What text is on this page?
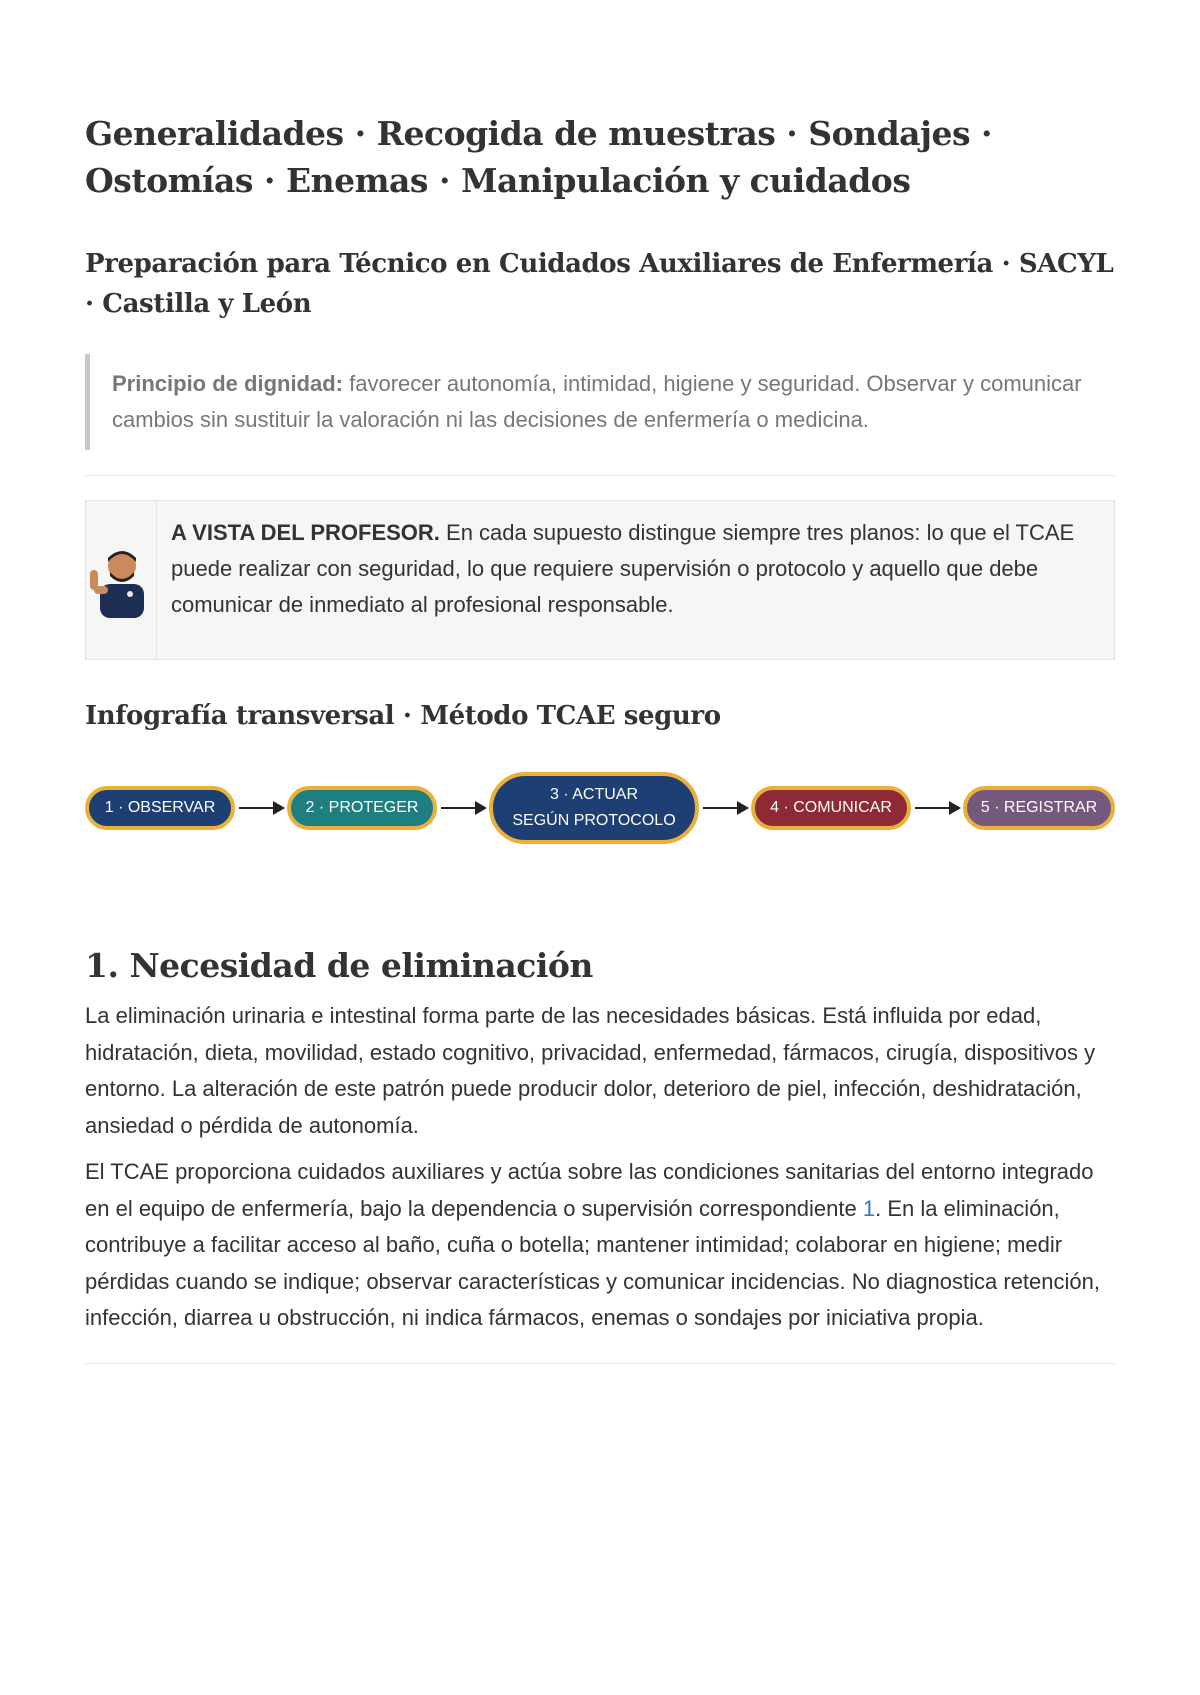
Generalidades · Recogida de muestras · Sondajes · Ostomías · Enemas · Manipulación y cuidados
Preparación para Técnico en Cuidados Auxiliares de Enfermería · SACYL · Castilla y León
Principio de dignidad: favorecer autonomía, intimidad, higiene y seguridad. Observar y comunicar cambios sin sustituir la valoración ni las decisiones de enfermería o medicina.
A VISTA DEL PROFESOR. En cada supuesto distingue siempre tres planos: lo que el TCAE puede realizar con seguridad, lo que requiere supervisión o protocolo y aquello que debe comunicar de inmediato al profesional responsable.
Infografía transversal · Método TCAE seguro
1 · OBSERVAR	2 · PROTEGER
3 · ACTUAR
SEGÚN PROTOCOLO
4 · COMUNICAR	5 · REGISTRAR
1. Necesidad de eliminación

La eliminación urinaria e intestinal forma parte de las necesidades básicas. Está influida por edad, hidratación, dieta, movilidad, estado cognitivo, privacidad, enfermedad, fármacos, cirugía, dispositivos y entorno. La alteración de este patrón puede producir dolor, deterioro de piel, infección, deshidratación, ansiedad o pérdida de autonomía.

El TCAE proporciona cuidados auxiliares y actúa sobre las condiciones sanitarias del entorno integrado en el equipo de enfermería, bajo la dependencia o supervisión correspondiente 1. En la eliminación, contribuye a facilitar acceso al baño, cuña o botella; mantener intimidad; colaborar en higiene; medir pérdidas cuando se indique; observar características y comunicar incidencias. No diagnostica retención, infección, diarrea u obstrucción, ni indica fármacos, enemas o sondajes por iniciativa propia.
